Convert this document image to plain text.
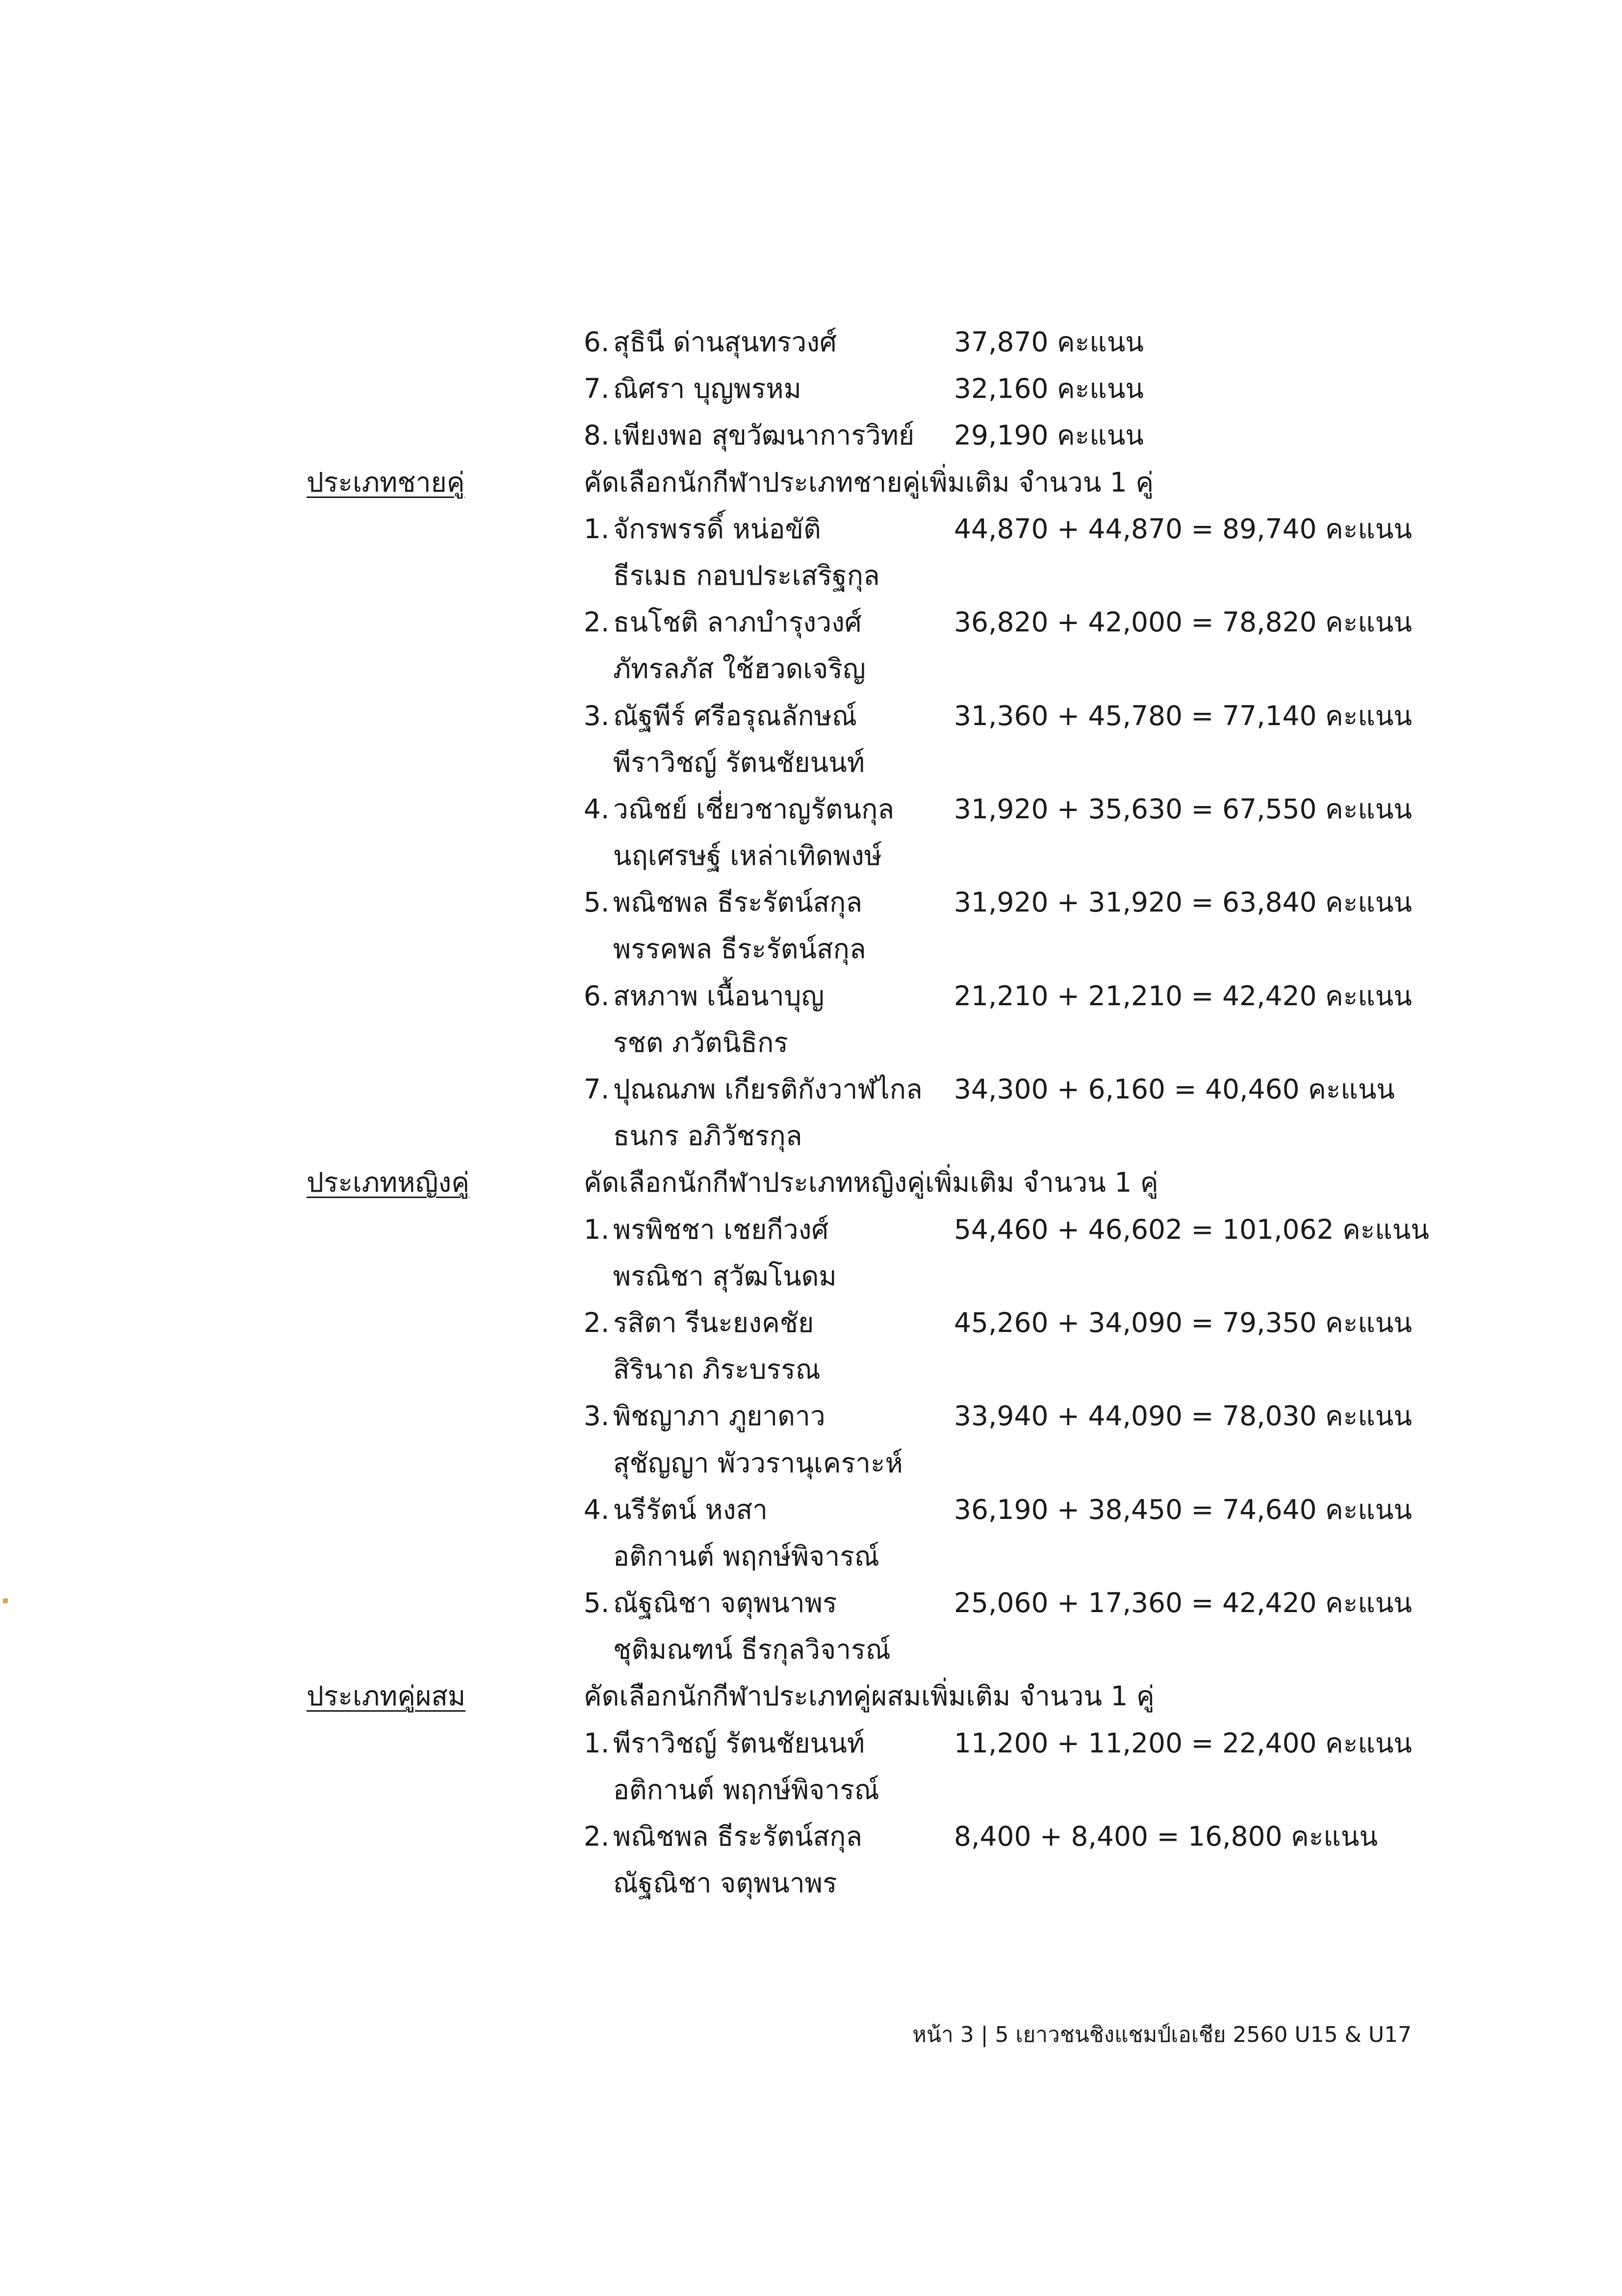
6. สุธินี ด่านสุนทรวงศ์	37,870 คะแนน
7. ณิศรา บุญพรหม	32,160 คะแนน
8. เพียงพอ สุขวัฒนาการวิทย์ 29,190 คะแนน
ประเภทชายคู่	คัดเลือกนักกีฬาประเภทชายคู่เพิ่มเติม จำนวน 1 คู่
1. จักรพรรดิ์ หน่อขัติ	44,870 + 44,870 = 89,740 คะแนน
ธีรเมธ กอบประเสริฐกุล
2. ธนโชติ ลาภบำรุงวงศ์	36,820 + 42,000 = 78,820 คะแนน
ภัทรลภัส ใช้ฮวดเจริญ
3. ณัฐพีร์ ศรีอรุณลักษณ์	31,360 + 45,780 = 77,140 คะแนน
พีราวิชญ์ รัตนชัยนนท์
4. วณิชย์ เชี่ยวชาญรัตนกุล 31,920 + 35,630 = 67,550 คะแนน
นฤเศรษฐ์ เหล่าเทิดพงษ์
5. พณิชพล ธีระรัตน์สกุล	31,920 + 31,920 = 63,840 คะแนน
พรรคพล ธีระรัตน์สกุล
6. สหภาพ เนื้อนาบุญ	21,210 + 21,210 = 42,420 คะแนน
รชต ภวัตนิธิกร
7. ปุณณภพ เกียรติกังวาฬไกล 34,300 + 6,160 = 40,460 คะแนน
ธนกร อภิวัชรกุล
ประเภทหญิงคู่	คัดเลือกนักกีฬาประเภทหญิงคู่เพิ่มเติม จำนวน 1 คู่
1. พรพิชชา เชยกีวงศ์	54,460 + 46,602 = 101,062 คะแนน
พรณิชา สุวัฒโนดม
2. รสิตา รีนะยงคชัย	45,260 + 34,090 = 79,350 คะแนน
สิรินาถ ภิระบรรณ
3. พิชญาภา ภูยาดาว	33,940 + 44,090 = 78,030 คะแนน
สุชัญญา พัววรานุเคราะห์
4. นรีรัตน์ หงสา	36,190 + 38,450 = 74,640 คะแนน
อติกานต์ พฤกษ์พิจารณ์
5. ณัฐณิชา จตุพนาพร	25,060 + 17,360 = 42,420 คะแนน
ชุติมณฑน์ ธีรกุลวิจารณ์
ประเภทคู่ผสม	คัดเลือกนักกีฬาประเภทคู่ผสมเพิ่มเติม จำนวน 1 คู่
1. พีราวิชญ์ รัตนชัยนนท์	11,200 + 11,200 = 22,400 คะแนน
อติกานต์ พฤกษ์พิจารณ์
2. พณิชพล ธีระรัตน์สกุล	8,400 + 8,400 = 16,800 คะแนน
ณัฐณิชา จตุพนาพร
หน้า 3 | 5 เยาวชนชิงแชมป์เอเชีย 2560 U15 & U17
